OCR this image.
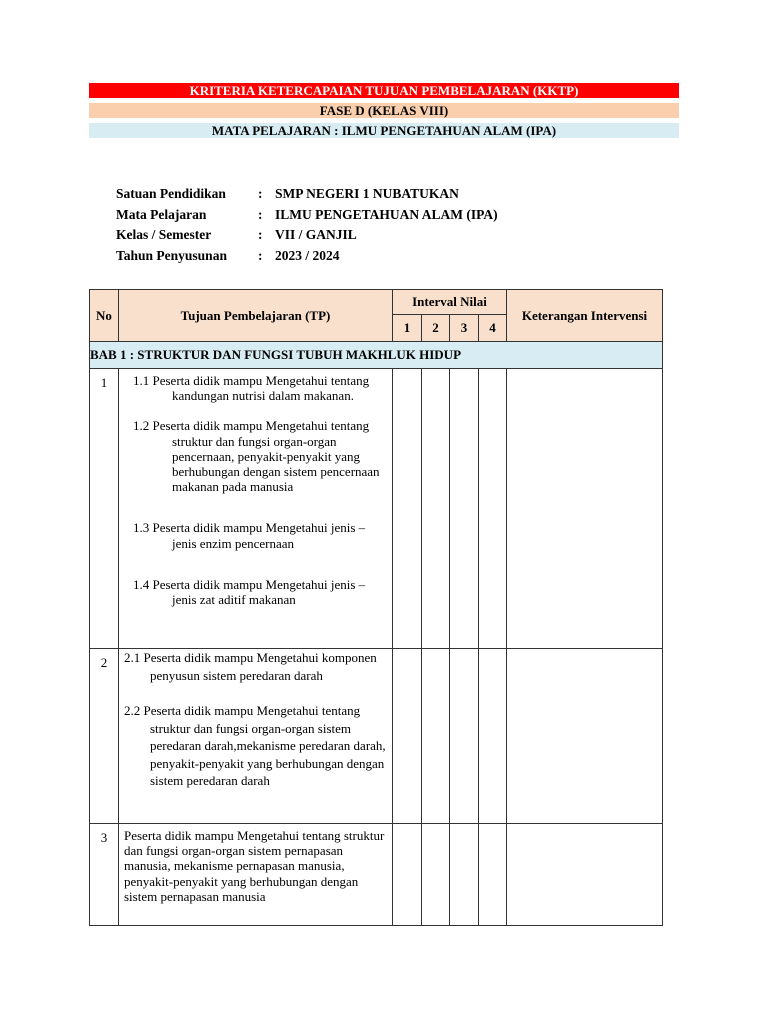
KRITERIA KETERCAPAIAN TUJUAN PEMBELAJARAN (KKTP)
FASE D (KELAS VIII)
MATA PELAJARAN : ILMU PENGETAHUAN ALAM (IPA)
Satuan Pendidikan : SMP NEGERI 1 NUBATUKAN
Mata Pelajaran	: ILMU PENGETAHUAN ALAM (IPA)
Kelas / Semester	: VII / GANJIL
Tahun Penyusunan : 2023 / 2024
No	Tujuan Pembelajaran (TP)	Interval Nilai				Keterangan Intervensi
		1	2	3	4	
BAB 1 : STRUKTUR DAN FUNGSI TUBUH MAKHLUK HIDUP						
1	1.1 Peserta didik mampu Mengetahui tentang kandungan nutrisi dalam makanan.
1.2 Peserta didik mampu Mengetahui tentang struktur dan fungsi organ-organ pencernaan, penyakit-penyakit yang berhubungan dengan sistem pencernaan makanan pada manusia
1.3 Peserta didik mampu Mengetahui jenis – jenis enzim pencernaan
1.4 Peserta didik mampu Mengetahui jenis – jenis zat aditif makanan					

2	2.1 Peserta didik mampu Mengetahui komponen penyusun sistem peredaran darah
2.2 Peserta didik mampu Mengetahui tentang struktur dan fungsi organ-organ sistem peredaran darah,mekanisme peredaran darah, penyakit-penyakit yang berhubungan dengan sistem peredaran darah					

3	Peserta didik mampu Mengetahui tentang struktur dan fungsi organ-organ sistem pernapasan manusia, mekanisme pernapasan manusia, penyakit-penyakit yang berhubungan dengan sistem pernapasan manusia					
